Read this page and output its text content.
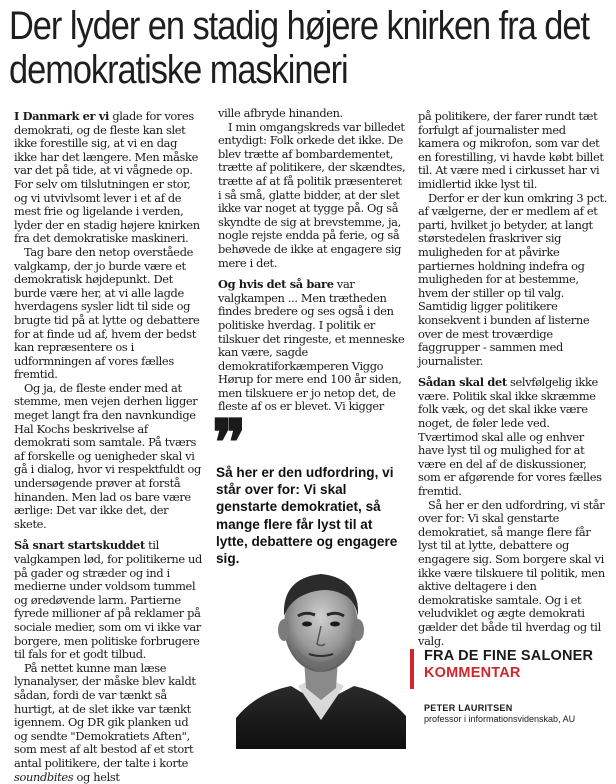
Der lyder en stadig højere knirken fra det
demokratiske maskineri

I Danmark er vi glade for vores demokrati, og de fleste kan slet ikke forestille sig, at vi en dag ikke har det længere. Men måske var det på tide, at vi vågnede op. For selv om tilslutningen er stor, og vi utvivlsomt lever i et af de mest frie og ligelande i verden, lyder der en stadig højere knirken fra det demokratiske maskineri.

Tag bare den netop overståede valgkamp, der jo burde være et demokratisk højdepunkt. Det burde være her, at vi alle lagde hverdagens sysler lidt til side og brugte tid på at lytte og debattere for at finde ud af, hvem der bedst kan repræsentere os i udformningen af vores fælles fremtid.

Og ja, de fleste ender med at stemme, men vejen derhen ligger meget langt fra den navnkundige Hal Kochs beskrivelse af demokrati som samtale. På tværs af forskelle og uenigheder skal vi gå i dialog, hvor vi respektfuldt og undersøgende prøver at forstå hinanden. Men lad os bare være ærlige: Det var ikke det, der skete.

Så snart startskuddet til valgkampen lød, for politikerne ud på gader og stræder og ind i medierne under voldsom tummel og øredøvende larm. Partierne fyrede millioner af på reklamer på sociale medier, som om vi ikke var borgere, men politiske forbrugere til fals for et godt tilbud.

På nettet kunne man læse lynanalyser, der måske blev kaldt sådan, fordi de var tænkt så hurtigt, at de slet ikke var tænkt igennem. Og DR gik planken ud og sendte "Demokratiets Aften", som mest af alt bestod af et stort antal politikere, der talte i korte soundbites og helst

ville afbryde hinanden.

I min omgangskreds var billedet entydigt: Folk orkede det ikke. De blev trætte af bombardementet, trætte af politikere, der skændtes, trætte af at få politik præsenteret i så små, glatte bidder, at der slet ikke var noget at tygge på. Og så skyndte de sig at brevstemme, ja, nogle rejste endda på ferie, og så behøvede de ikke at engagere sig mere i det.

Og hvis det så bare var valgkampen ... Men trætheden findes bredere og ses også i den politiske hverdag. I politik er tilskuer det ringeste, et menneske kan være, sagde demokratiforkæmperen Viggo Hørup for mere end 100 år siden, men tilskuere er jo netop det, de fleste af os er blevet. Vi kigger

❞
Så her er den udfordring, vi står over for: Vi skal genstarte demokratiet, så mange flere får lyst til at lytte, debattere og engagere sig.

på politikere, der farer rundt tæt forfulgt af journalister med kamera og mikrofon, som var det en forestilling, vi havde købt billet til. At være med i cirkusset har vi imidlertid ikke lyst til.

Derfor er der kun omkring 3 pct. af vælgerne, der er medlem af et parti, hvilket jo betyder, at langt størstedelen fraskriver sig muligheden for at påvirke partiernes holdning indefra og muligheden for at bestemme, hvem der stiller op til valg. Samtidig ligger politikere konsekvent i bunden af listerne over de mest troværdige faggrupper - sammen med journalister.

Sådan skal det selvfølgelig ikke være. Politik skal ikke skræmme folk væk, og det skal ikke være noget, de føler lede ved. Tværtimod skal alle og enhver have lyst til og mulighed for at være en del af de diskussioner, som er afgørende for vores fælles fremtid.

Så her er den udfordring, vi står over for: Vi skal genstarte demokratiet, så mange flere får lyst til at lytte, debattere og engagere sig. Som borgere skal vi ikke være tilskuere til politik, men aktive deltagere i den demokratiske samtale. Og i et veludviklet og ægte demokrati gælder det både til hverdag og til valg.

FRA DE FINE SALONER
KOMMENTAR
PETER LAURITSEN
professor i informationsvidenskab, AU
